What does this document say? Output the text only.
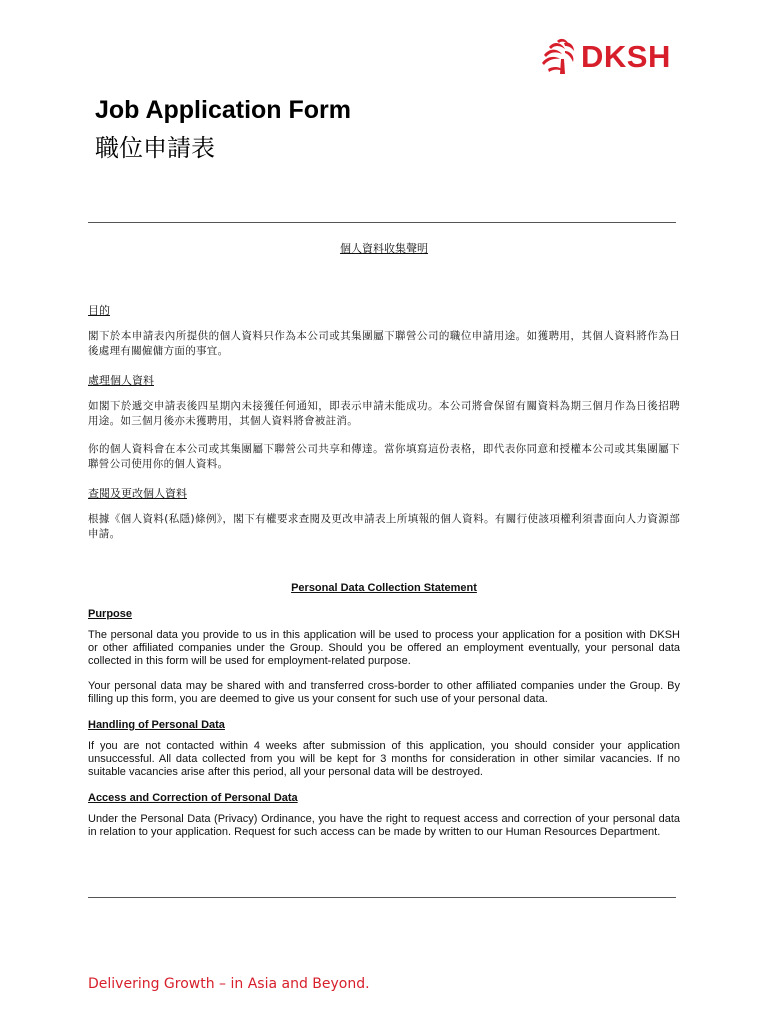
DKSH
Job Application Form
職位申請表

個人資料收集聲明

目的

閣下於本申請表內所提供的個人資料只作為本公司或其集團屬下聯營公司的職位申請用途。如獲聘用，其個人資料將作為日後處理有關僱傭方面的事宜。

處理個人資料

如閣下於遞交申請表後四星期內未接獲任何通知，即表示申請未能成功。本公司將會保留有關資料為期三個月作為日後招聘用途。如三個月後亦未獲聘用，其個人資料將會被註消。

你的個人資料會在本公司或其集團屬下聯營公司共享和傳達。當你填寫這份表格，即代表你同意和授權本公司或其集團屬下聯營公司使用你的個人資料。

查閱及更改個人資料

根據《個人資料(私隱)條例》，閣下有權要求查閱及更改申請表上所填報的個人資料。有關行使該項權利須書面向人力資源部申請。

Personal Data Collection Statement

Purpose

The personal data you provide to us in this application will be used to process your application for a position with DKSH or other affiliated companies under the Group. Should you be offered an employment eventually, your personal data collected in this form will be used for employment-related purpose.

Your personal data may be shared with and transferred cross-border to other affiliated companies under the Group. By filling up this form, you are deemed to give us your consent for such use of your personal data.

Handling of Personal Data

If you are not contacted within 4 weeks after submission of this application, you should consider your application unsuccessful. All data collected from you will be kept for 3 months for consideration in other similar vacancies. If no suitable vacancies arise after this period, all your personal data will be destroyed.

Access and Correction of Personal Data

Under the Personal Data (Privacy) Ordinance, you have the right to request access and correction of your personal data in relation to your application. Request for such access can be made by written to our Human Resources Department.

Delivering Growth – in Asia and Beyond.
